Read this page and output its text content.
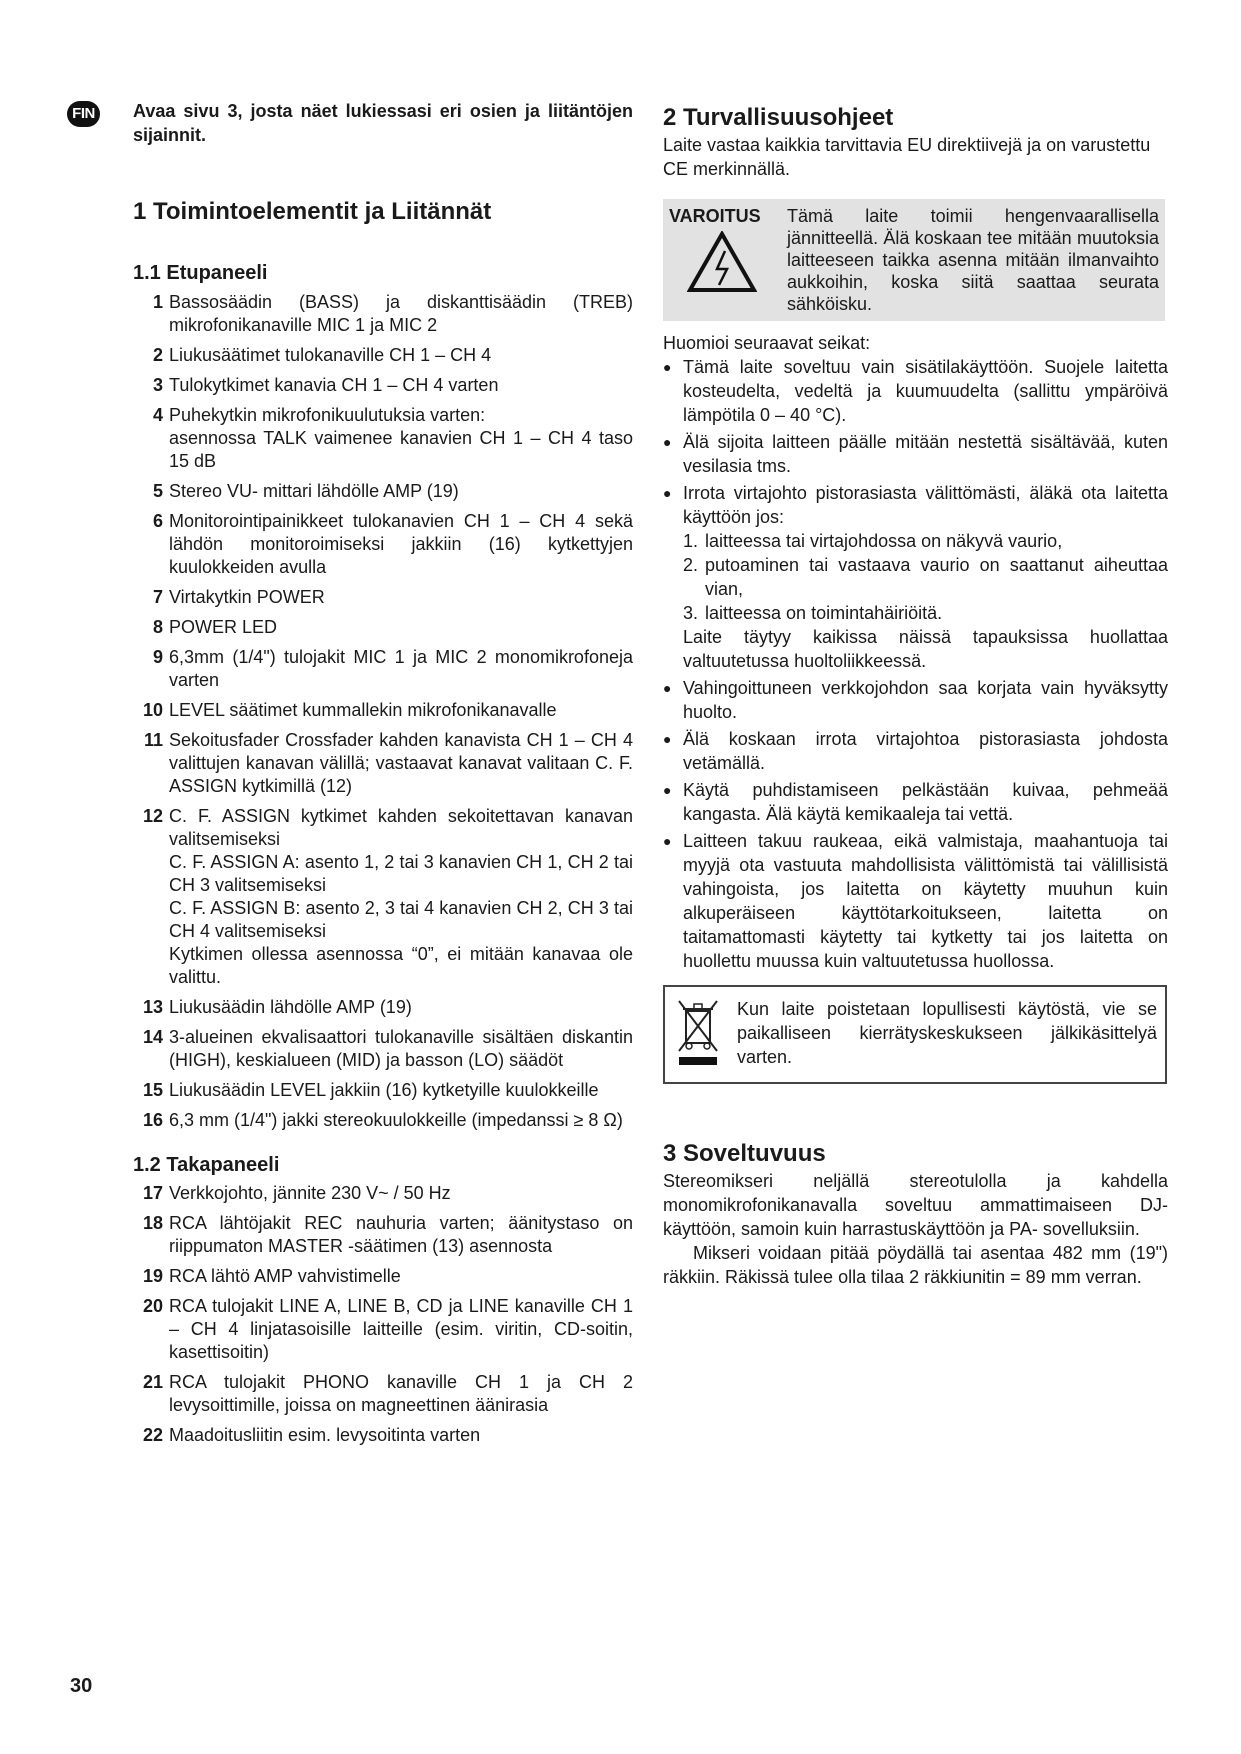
FIN Avaa sivu 3, josta näet lukiessasi eri osien ja liitäntöjen sijainnit.

1 Toimintoelementit ja Liitännät
1.1 Etupaneeli
1 Bassosäädin (BASS) ja diskanttisäädin (TREB) mikrofonikanaville MIC 1 ja MIC 2
2 Liukusäätimet tulokanaville CH 1 – CH 4
3 Tulokytkimet kanavia CH 1 – CH 4 varten
4 Puhekytkin mikrofonikuulutuksia varten:
asennossa TALK vaimenee kanavien CH 1 – CH 4 taso 15 dB
5 Stereo VU- mittari lähdölle AMP (19)
6 Monitorointipainikkeet tulokanavien CH 1 – CH 4 sekä lähdön monitoroimiseksi jakkiin (16) kytkettyjen kuulokkeiden avulla
7 Virtakytkin POWER
8 POWER LED
9 6,3mm (1/4") tulojakit MIC 1 ja MIC 2 monomikrofoneja varten
10 LEVEL säätimet kummallekin mikrofonikanavalle
11 Sekoitusfader Crossfader kahden kanavista CH 1 – CH 4 valittujen kanavan välillä; vastaavat kanavat valitaan C. F. ASSIGN kytkimillä (12)
12 C. F. ASSIGN kytkimet kahden sekoitettavan kanavan valitsemiseksi
C. F. ASSIGN A: asento 1, 2 tai 3 kanavien CH 1, CH 2 tai CH 3 valitsemiseksi
C. F. ASSIGN B: asento 2, 3 tai 4 kanavien CH 2, CH 3 tai CH 4 valitsemiseksi
Kytkimen ollessa asennossa “0”, ei mitään kanavaa ole valittu.
13 Liukusäädin lähdölle AMP (19)
14 3-alueinen ekvalisaattori tulokanaville sisältäen diskantin (HIGH), keskialueen (MID) ja basson (LO) säädöt
15 Liukusäädin LEVEL jakkiin (16) kytketyille kuulokkeille
16 6,3 mm (1/4") jakki stereokuulokkeille (impedanssi ≥ 8 Ω)
1.2 Takapaneeli
17 Verkkojohto, jännite 230 V~ / 50 Hz
18 RCA lähtöjakit REC nauhuria varten; äänitystaso on riippumaton MASTER -säätimen (13) asennosta
19 RCA lähtö AMP vahvistimelle
20 RCA tulojakit LINE A, LINE B, CD ja LINE kanaville CH 1 – CH 4 linjatasoisille laitteille (esim. viritin, CD-soitin, kasettisoitin)
21 RCA tulojakit PHONO kanaville CH 1 ja CH 2 levysoittimille, joissa on magneettinen äänirasia
22 Maadoitusliitin esim. levysoitinta varten
2 Turvallisuusohjeet

Laite vastaa kaikkia tarvittavia EU direktiivejä ja on varustettu CE merkinnällä.

VAROITUS	Tämä laite toimii hengenvaarallisella jännitteellä. Älä koskaan tee mitään muutoksia laitteeseen taikka asenna mitään ilmanvaihto aukkoihin, koska siitä saattaa seurata sähköisku.

Huomioi seuraavat seikat:

● Tämä laite soveltuu vain sisätilakäyttöön. Suojele laitetta kosteudelta, vedeltä ja kuumuudelta (sallittu ympäröivä lämpötila 0 – 40 °C).
● Älä sijoita laitteen päälle mitään nestettä sisältävää, kuten vesilasia tms.
● Irrota virtajohto pistorasiasta välittömästi, äläkä ota laitetta käyttöön jos:
1. laitteessa tai virtajohdossa on näkyvä vaurio,
2. putoaminen tai vastaava vaurio on saattanut aiheuttaa vian,
3. laitteessa on toimintahäiriöitä.
Laite täytyy kaikissa näissä tapauksissa huollattaa valtuutetussa huoltoliikkeessä.
● Vahingoittuneen verkkojohdon saa korjata vain hyväksytty huolto.
● Älä koskaan irrota virtajohtoa pistorasiasta johdosta vetämällä.
● Käytä puhdistamiseen pelkästään kuivaa, pehmeää kangasta. Älä käytä kemikaaleja tai vettä.
● Laitteen takuu raukeaa, eikä valmistaja, maahantuoja tai myyjä ota vastuuta mahdollisista välittömistä tai välillisistä vahingoista, jos laitetta on käytetty muuhun kuin alkuperäiseen käyttötarkoitukseen, laitetta on taitamattomasti käytetty tai kytketty tai jos laitetta on huollettu muussa kuin valtuutetussa huollossa.
Kun laite poistetaan lopullisesti käytöstä, vie se paikalliseen kierrätyskeskukseen jälkikäsittelyä varten.
3 Soveltuvuus

Stereomikseri neljällä stereotulolla ja kahdella monomikrofonikanavalla soveltuu ammattimaiseen DJ-käyttöön, samoin kuin harrastuskäyttöön ja PA- sovelluksiin.

Mikseri voidaan pitää pöydällä tai asentaa 482 mm (19") räkkiin. Räkissä tulee olla tilaa 2 räkkiunitin = 89 mm verran.

30
